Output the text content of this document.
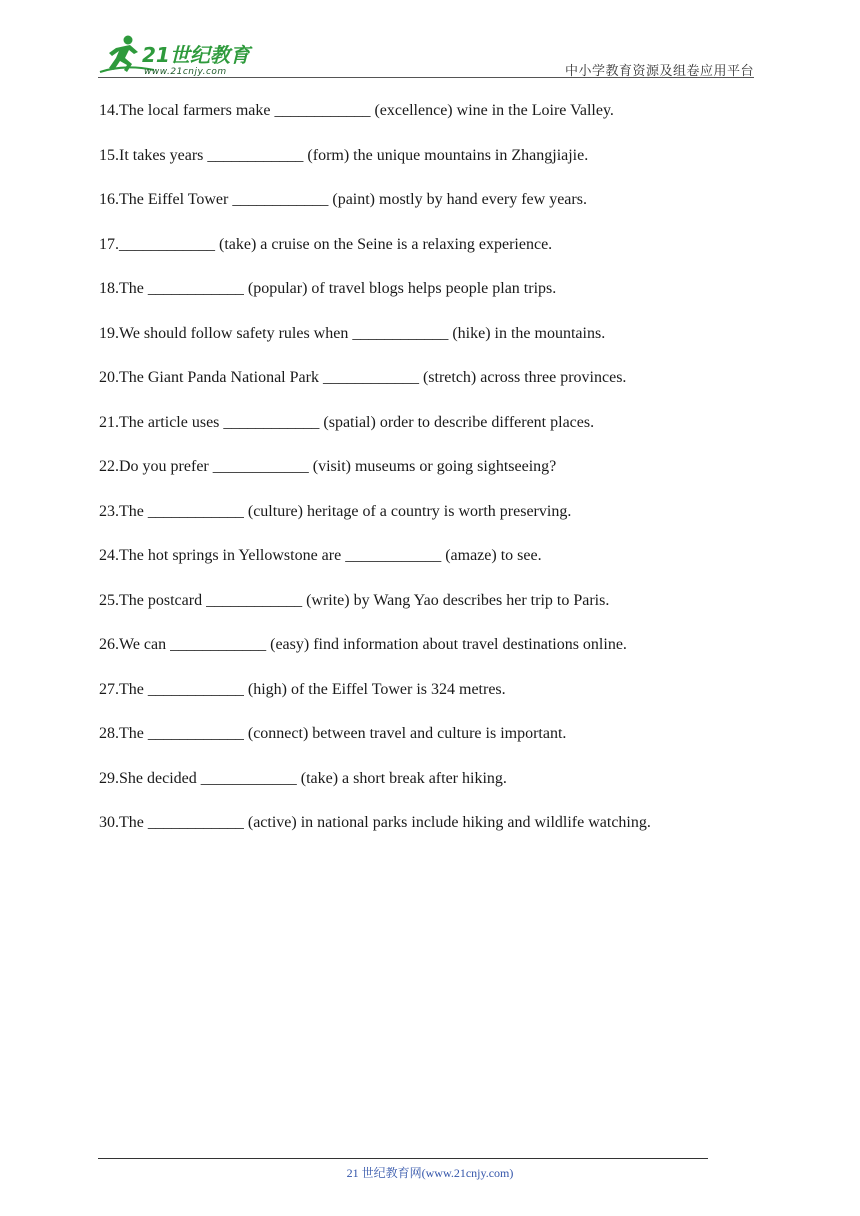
21世纪教育
www.21cnjy.com	中小学教育资源及组卷应用平台
14.The local farmers make ____________ (excellence) wine in the Loire Valley.
15.It takes years ____________ (form) the unique mountains in Zhangjiajie.
16.The Eiffel Tower ____________ (paint) mostly by hand every few years.
17.____________ (take) a cruise on the Seine is a relaxing experience.
18.The ____________ (popular) of travel blogs helps people plan trips.
19.We should follow safety rules when ____________ (hike) in the mountains.
20.The Giant Panda National Park ____________ (stretch) across three provinces.
21.The article uses ____________ (spatial) order to describe different places.
22.Do you prefer ____________ (visit) museums or going sightseeing?
23.The ____________ (culture) heritage of a country is worth preserving.
24.The hot springs in Yellowstone are ____________ (amaze) to see.
25.The postcard ____________ (write) by Wang Yao describes her trip to Paris.
26.We can ____________ (easy) find information about travel destinations online.
27.The ____________ (high) of the Eiffel Tower is 324 metres.
28.The ____________ (connect) between travel and culture is important.
29.She decided ____________ (take) a short break after hiking.
30.The ____________ (active) in national parks include hiking and wildlife watching.
21 世纪教育网(www.21cnjy.com)
